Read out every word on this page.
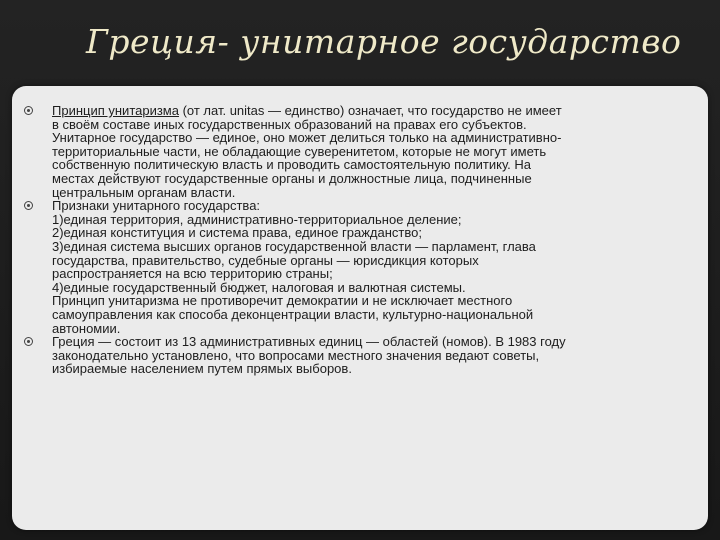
Греция- унитарное государство

Принцип унитаризма (от лат. unitas — единство) означает, что государство не имеет

в своём составе иных государственных образований на правах его субъектов.

Унитарное государство — единое, оно может делиться только на административно-

территориальные части, не обладающие суверенитетом, которые не могут иметь

собственную политическую власть и проводить самостоятельную политику. На

местах действуют государственные органы и должностные лица, подчиненные

центральным органам власти.

Признаки унитарного государства:

1)единая территория, административно-территориальное деление;

2)единая конституция и система права, единое гражданство;

3)единая система высших органов государственной власти — парламент, глава

государства, правительство, судебные органы — юрисдикция которых

распространяется на всю территорию страны;

4)единые государственный бюджет, налоговая и валютная системы.

Принцип унитаризма не противоречит демократии и не исключает местного

самоуправления как способа деконцентрации власти, культурно-национальной

автономии.

Греция — состоит из 13 административных единиц — областей (номов). В 1983 году

законодательно установлено, что вопросами местного значения ведают советы,

избираемые населением путем прямых выборов.
